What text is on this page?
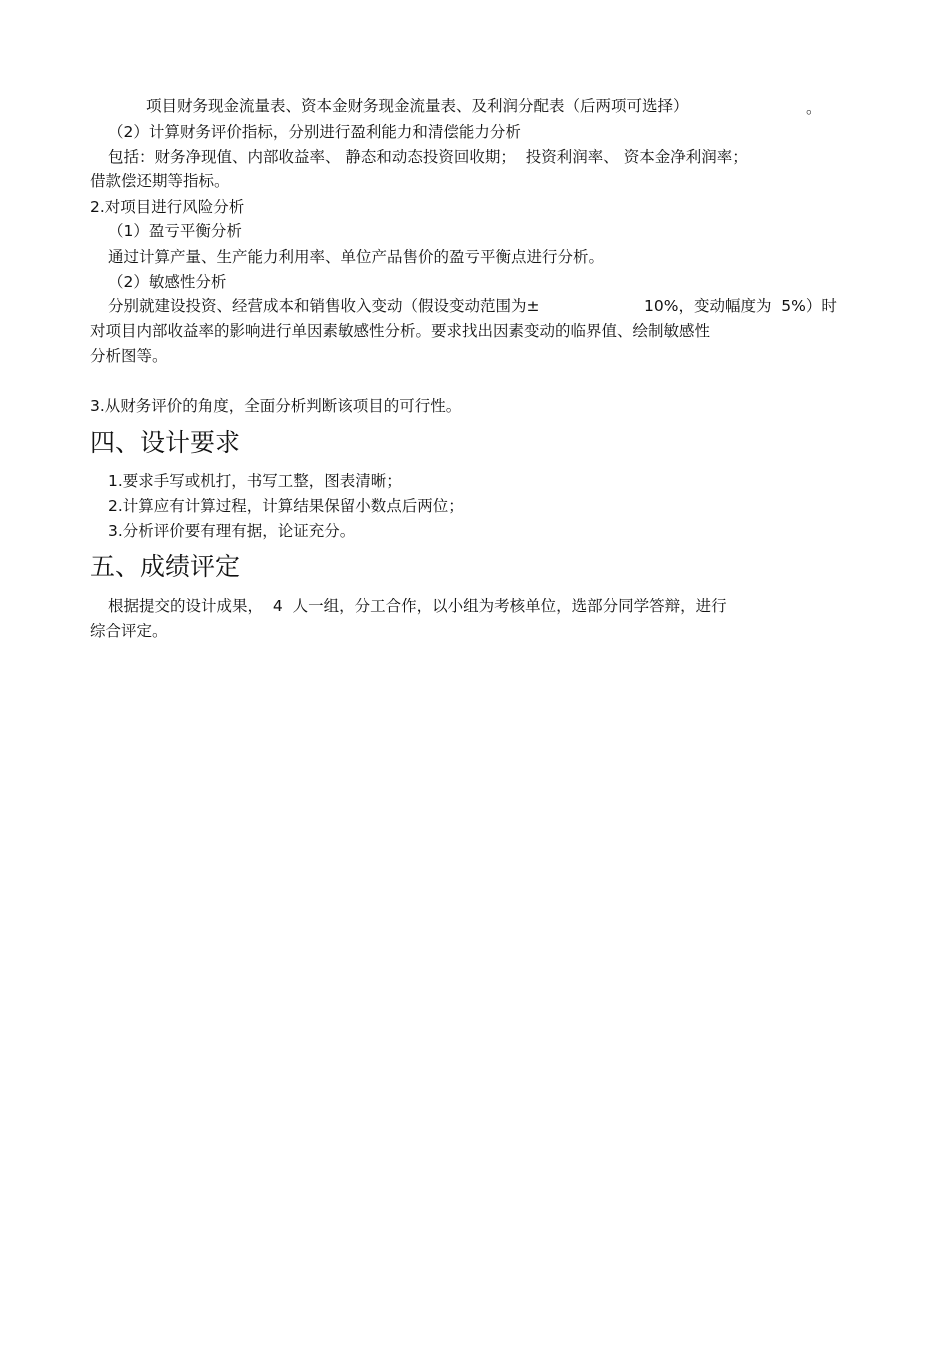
项目财务现金流量表、资本金财务现金流量表、及利润分配表（后两项可选择）	。
（2）计算财务评价指标，分别进行盈利能力和清偿能力分析
包括：财务净现值、内部收益率、 静态和动态投资回收期；  投资利润率、 资本金净利润率；
借款偿还期等指标。
2.对项目进行风险分析
（1）盈亏平衡分析
通过计算产量、生产能力利用率、单位产品售价的盈亏平衡点进行分析。
（2）敏感性分析
分别就建设投资、经营成本和销售收入变动（假设变动范围为±	10%，变动幅度为  5%）时
对项目内部收益率的影响进行单因素敏感性分析。要求找出因素变动的临界值、绘制敏感性
分析图等。
3.从财务评价的角度，全面分析判断该项目的可行性。
四、设计要求
1.要求手写或机打，书写工整，图表清晰；
2.计算应有计算过程，计算结果保留小数点后两位；
3.分析评价要有理有据，论证充分。
五、成绩评定
根据提交的设计成果，  4  人一组，分工合作，以小组为考核单位，选部分同学答辩，进行
综合评定。
